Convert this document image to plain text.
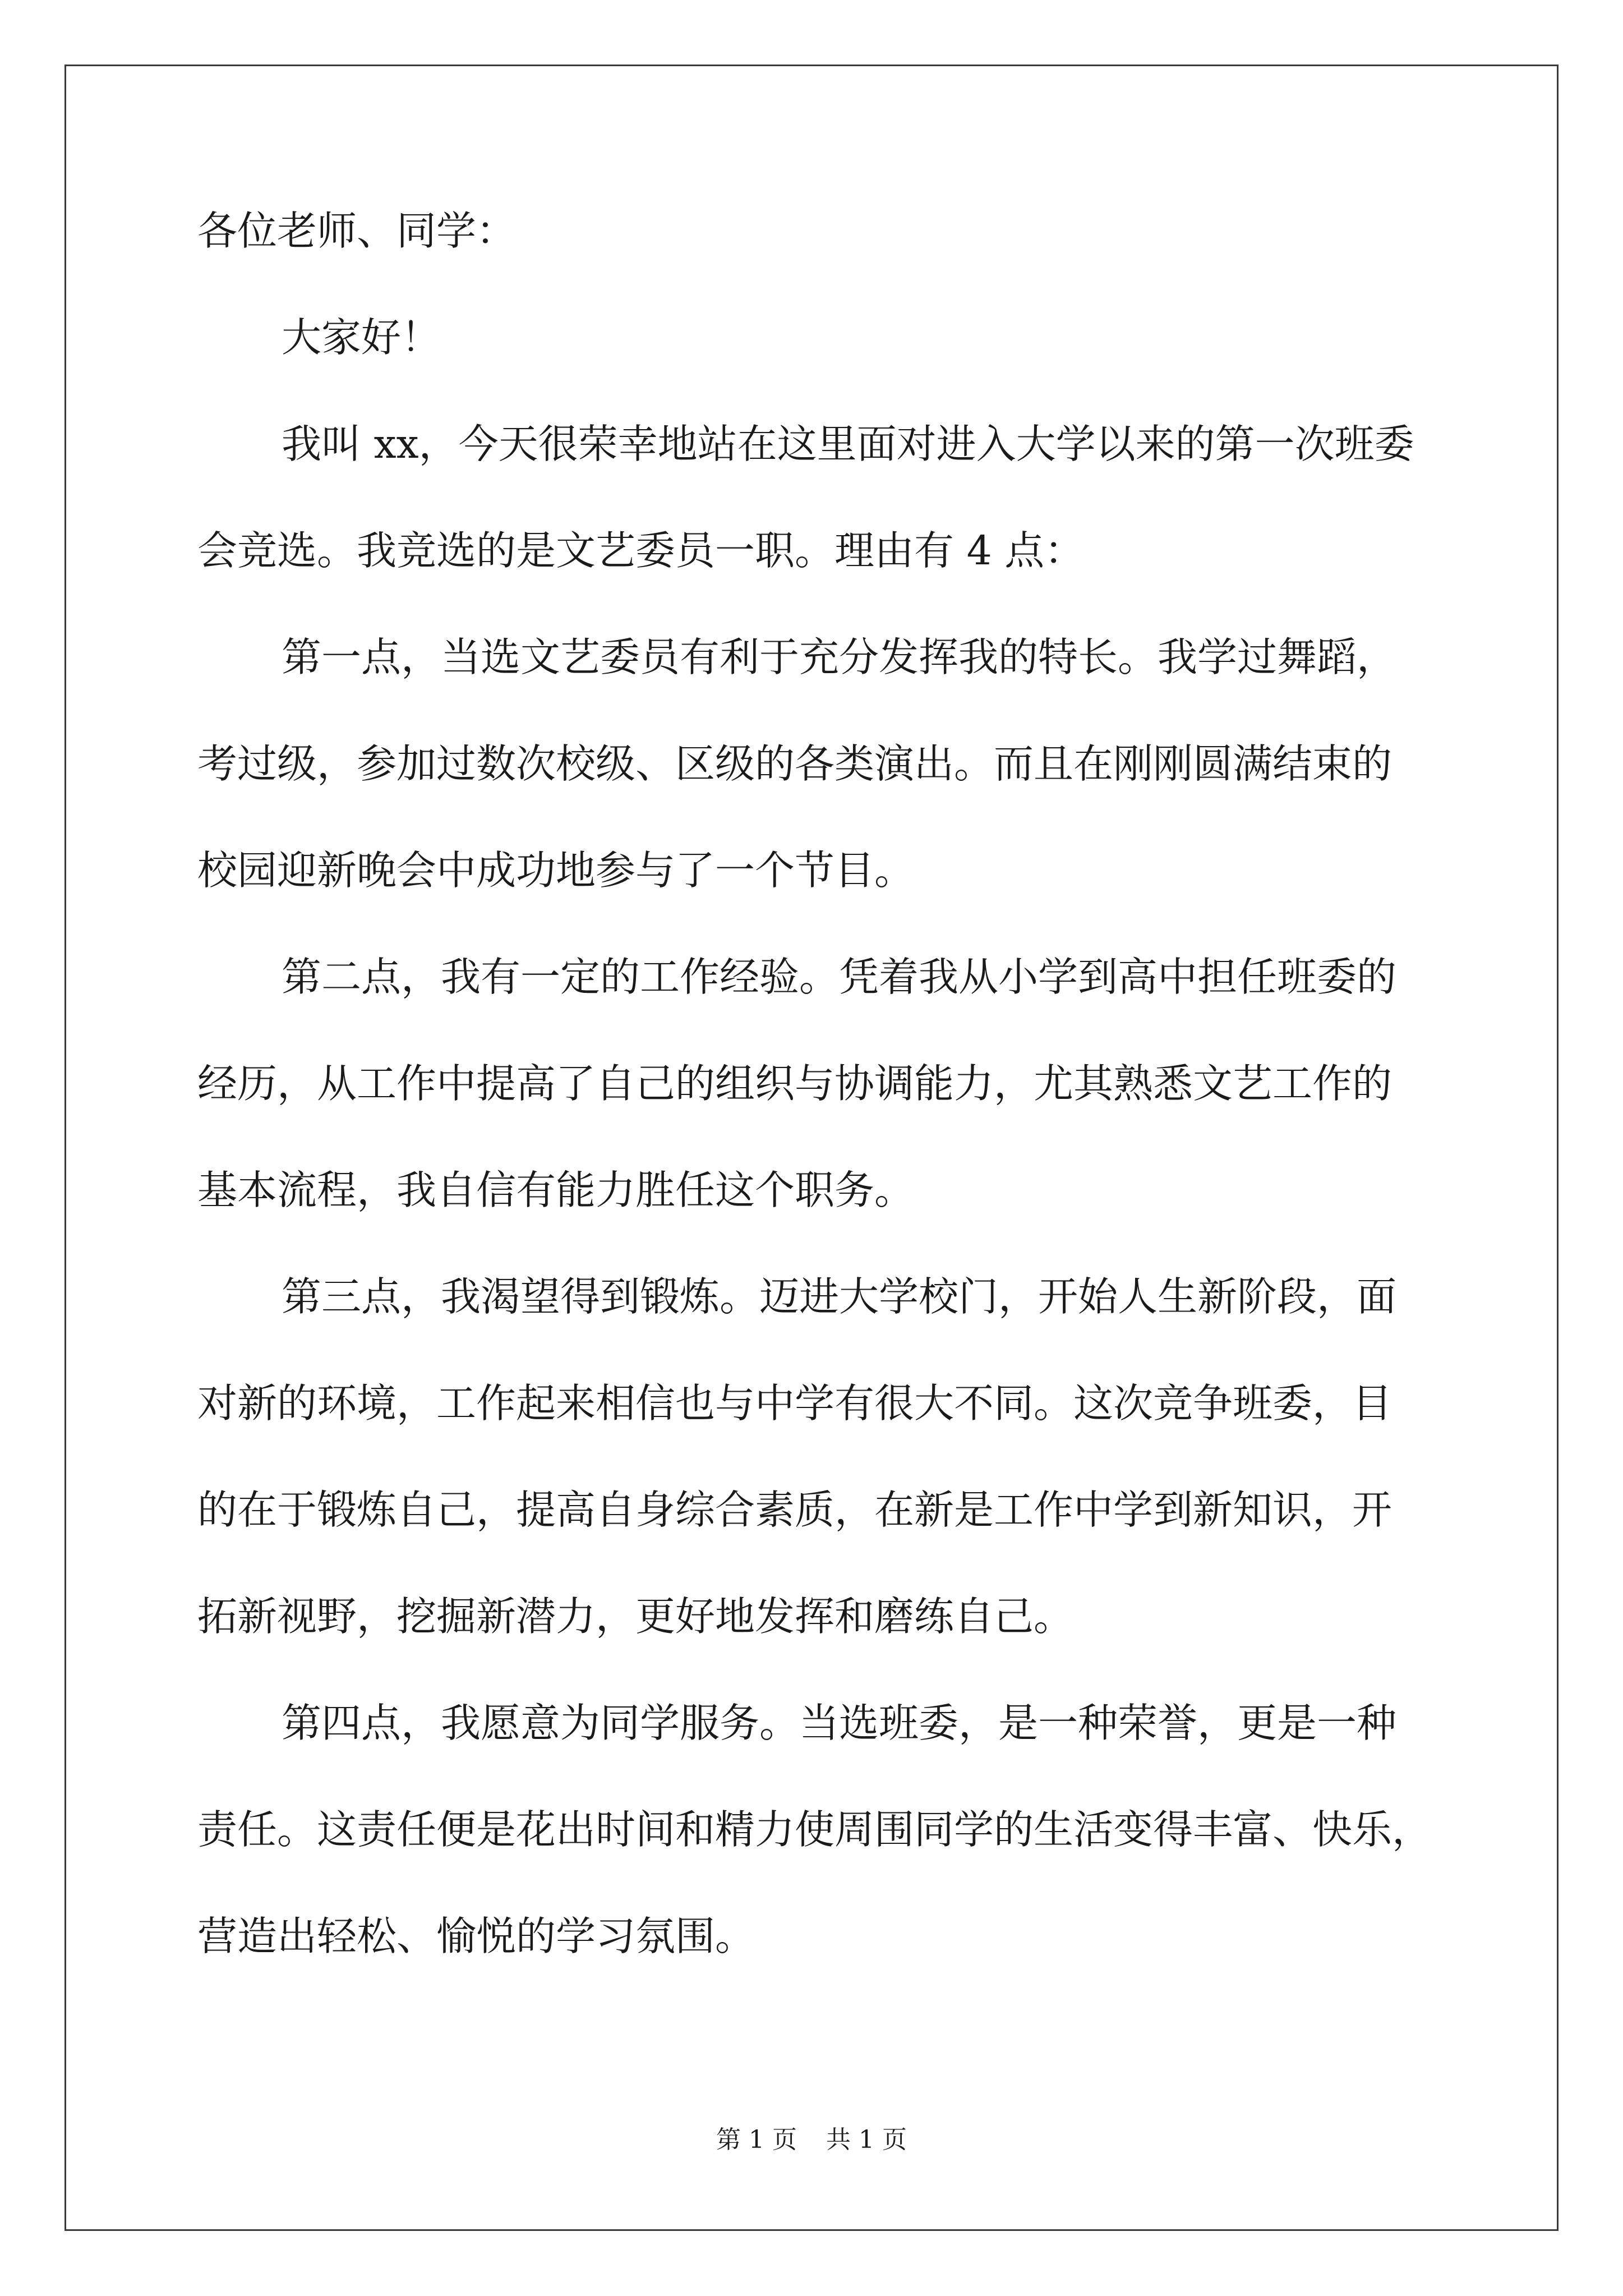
各位老师、同学：
大家好！
我叫 xx，今天很荣幸地站在这里面对进入大学以来的第一次班委
会竞选。我竞选的是文艺委员一职。理由有 4 点：
第一点，当选文艺委员有利于充分发挥我的特长。我学过舞蹈，
考过级，参加过数次校级、区级的各类演出。而且在刚刚圆满结束的
校园迎新晚会中成功地参与了一个节目。
第二点，我有一定的工作经验。凭着我从小学到高中担任班委的
经历，从工作中提高了自己的组织与协调能力，尤其熟悉文艺工作的
基本流程，我自信有能力胜任这个职务。
第三点，我渴望得到锻炼。迈进大学校门，开始人生新阶段，面
对新的环境，工作起来相信也与中学有很大不同。这次竞争班委，目
的在于锻炼自己，提高自身综合素质，在新是工作中学到新知识，开
拓新视野，挖掘新潜力，更好地发挥和磨练自己。
第四点，我愿意为同学服务。当选班委，是一种荣誉，更是一种
责任。这责任便是花出时间和精力使周围同学的生活变得丰富、快乐，
营造出轻松、愉悦的学习氛围。
第 1 页 共 1 页
